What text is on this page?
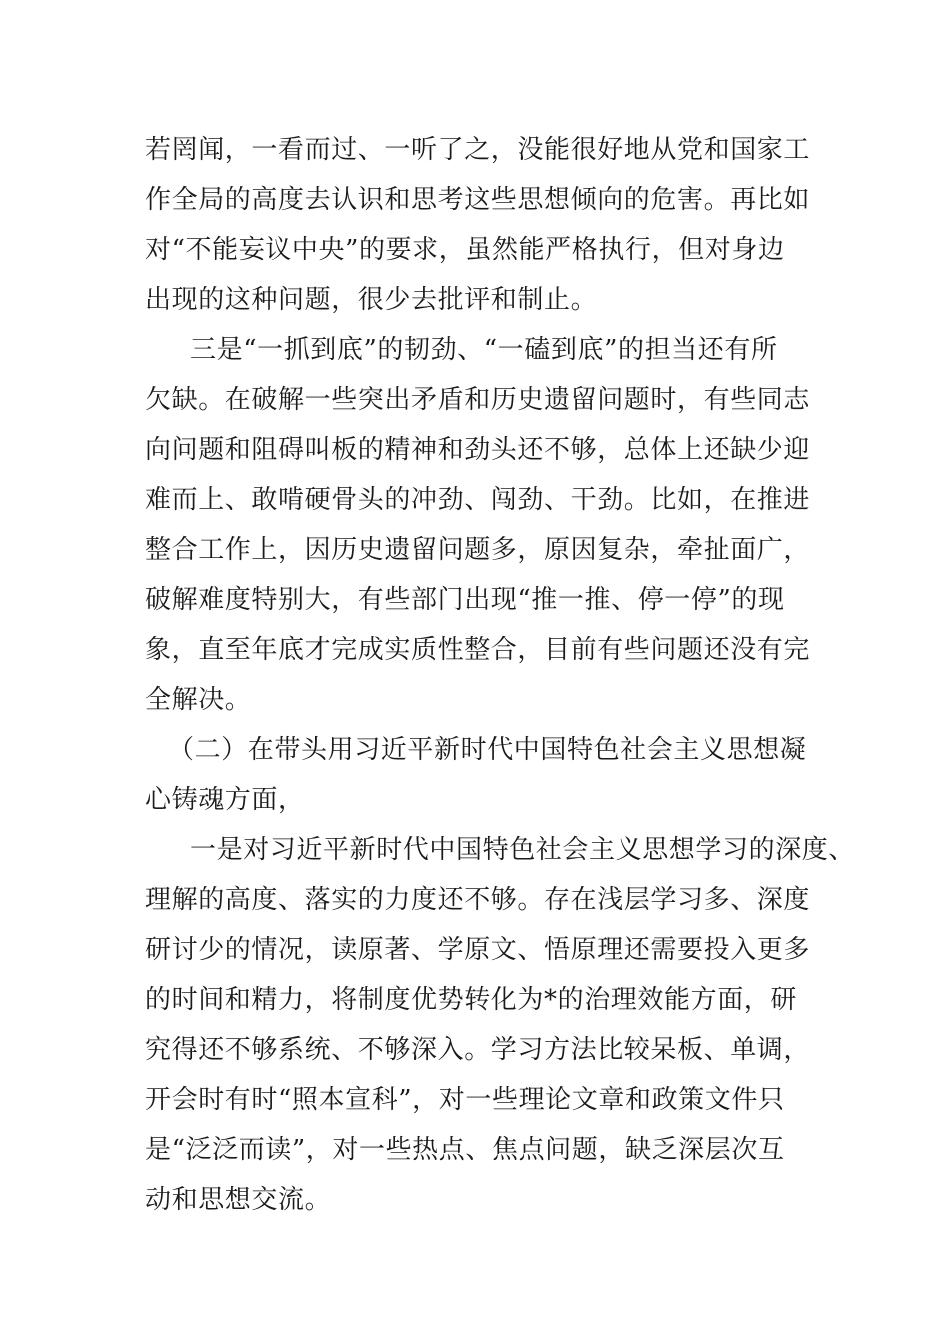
若罔闻，一看而过、一听了之，没能很好地从党和国家工
作全局的高度去认识和思考这些思想倾向的危害。再比如
对“不能妄议中央”的要求，虽然能严格执行，但对身边
出现的这种问题，很少去批评和制止。
三是“一抓到底”的韧劲、“一磕到底”的担当还有所
欠缺。在破解一些突出矛盾和历史遗留问题时，有些同志
向问题和阻碍叫板的精神和劲头还不够，总体上还缺少迎
难而上、敢啃硬骨头的冲劲、闯劲、干劲。比如，在推进
整合工作上，因历史遗留问题多，原因复杂，牵扯面广，
破解难度特别大，有些部门出现“推一推、停一停”的现
象，直至年底才完成实质性整合，目前有些问题还没有完
全解决。
（二）在带头用习近平新时代中国特色社会主义思想凝
心铸魂方面，
一是对习近平新时代中国特色社会主义思想学习的深度、
理解的高度、落实的力度还不够。存在浅层学习多、深度
研讨少的情况，读原著、学原文、悟原理还需要投入更多
的时间和精力，将制度优势转化为*的治理效能方面，研
究得还不够系统、不够深入。学习方法比较呆板、单调，
开会时有时“照本宣科”，对一些理论文章和政策文件只
是“泛泛而读”，对一些热点、焦点问题，缺乏深层次互
动和思想交流。
